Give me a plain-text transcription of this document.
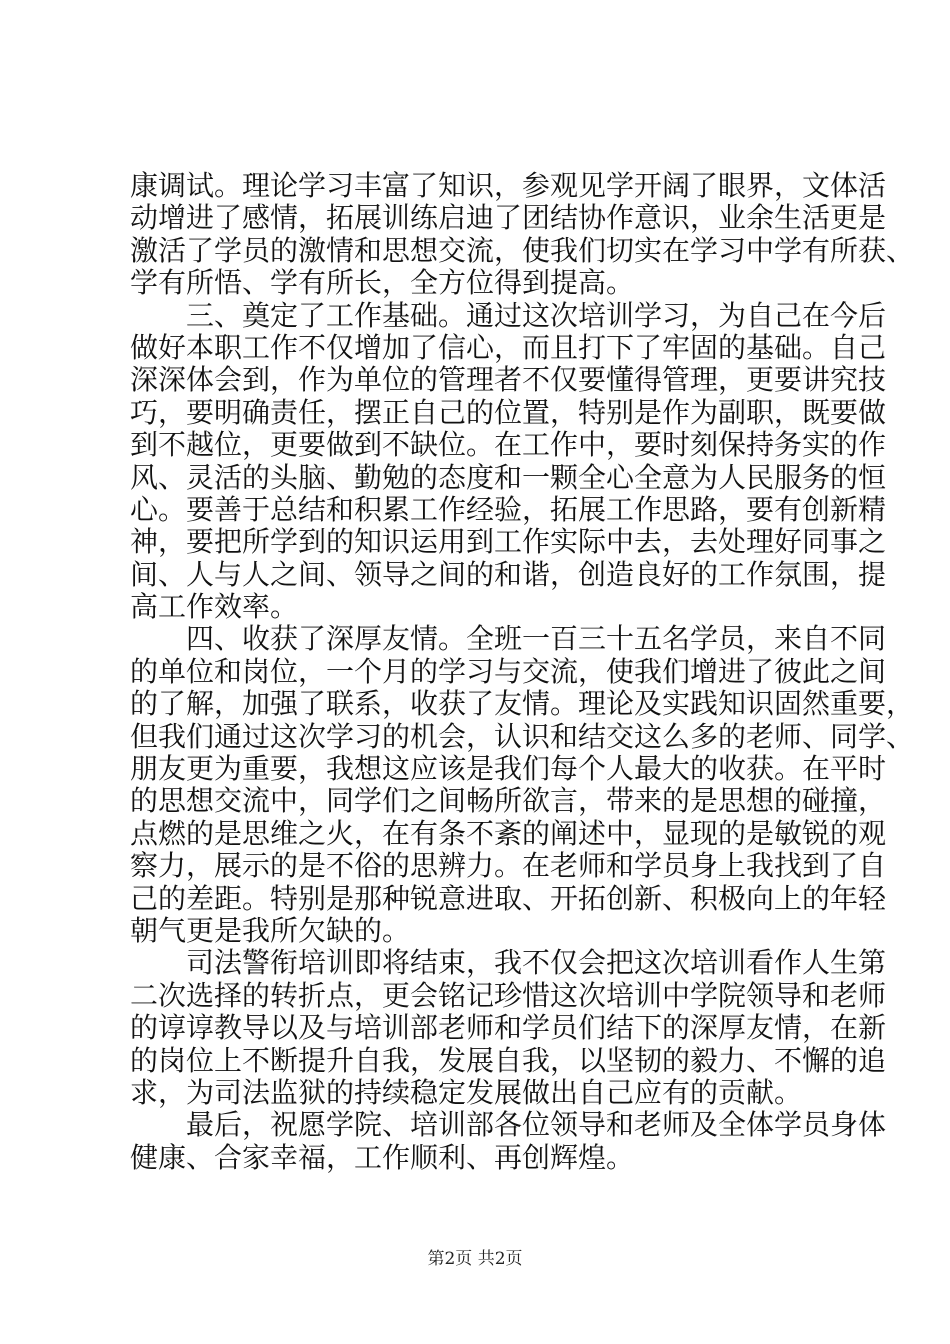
康调试。理论学习丰富了知识，参观见学开阔了眼界，文体活
动增进了感情，拓展训练启迪了团结协作意识，业余生活更是
激活了学员的激情和思想交流，使我们切实在学习中学有所获、
学有所悟、学有所长，全方位得到提高。
　　三、奠定了工作基础。通过这次培训学习，为自己在今后
做好本职工作不仅增加了信心，而且打下了牢固的基础。自己
深深体会到，作为单位的管理者不仅要懂得管理，更要讲究技
巧，要明确责任，摆正自己的位置，特别是作为副职，既要做
到不越位，更要做到不缺位。在工作中，要时刻保持务实的作
风、灵活的头脑、勤勉的态度和一颗全心全意为人民服务的恒
心。要善于总结和积累工作经验，拓展工作思路，要有创新精
神，要把所学到的知识运用到工作实际中去，去处理好同事之
间、人与人之间、领导之间的和谐，创造良好的工作氛围，提
高工作效率。
　　四、收获了深厚友情。全班一百三十五名学员，来自不同
的单位和岗位，一个月的学习与交流，使我们增进了彼此之间
的了解，加强了联系，收获了友情。理论及实践知识固然重要，
但我们通过这次学习的机会，认识和结交这么多的老师、同学、
朋友更为重要，我想这应该是我们每个人最大的收获。在平时
的思想交流中，同学们之间畅所欲言，带来的是思想的碰撞，
点燃的是思维之火，在有条不紊的阐述中，显现的是敏锐的观
察力，展示的是不俗的思辨力。在老师和学员身上我找到了自
己的差距。特别是那种锐意进取、开拓创新、积极向上的年轻
朝气更是我所欠缺的。
　　司法警衔培训即将结束，我不仅会把这次培训看作人生第
二次选择的转折点，更会铭记珍惜这次培训中学院领导和老师
的谆谆教导以及与培训部老师和学员们结下的深厚友情，在新
的岗位上不断提升自我，发展自我，以坚韧的毅力、不懈的追
求，为司法监狱的持续稳定发展做出自己应有的贡献。
　　最后，祝愿学院、培训部各位领导和老师及全体学员身体
健康、合家幸福，工作顺利、再创辉煌。
第2页 共2页
